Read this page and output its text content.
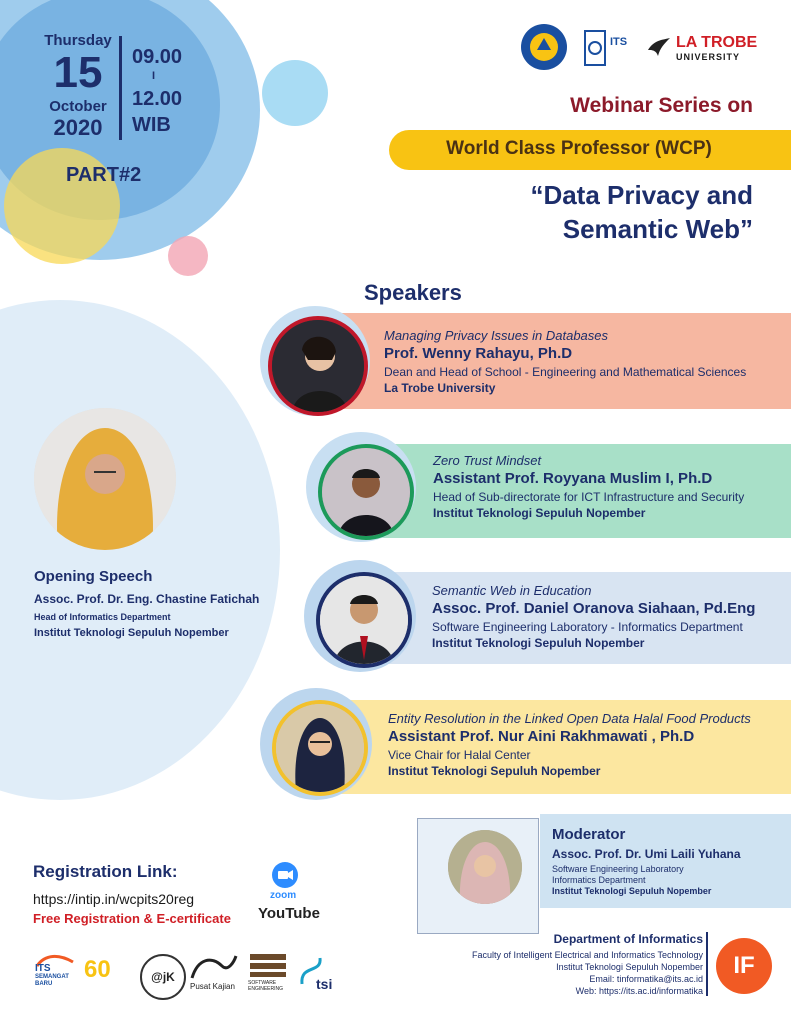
Thursday
15
October
2020
09.00
I
12.00
WIB
PART#2
ITS	LA TROBE
UNIVERSITY
Webinar Series on
World Class Professor (WCP)
“Data Privacy and
Semantic Web”
Speakers
Managing Privacy Issues in Databases
Prof. Wenny Rahayu, Ph.D
Dean and Head of School - Engineering and Mathematical Sciences
La Trobe University
Zero Trust Mindset
Assistant Prof. Royyana Muslim I, Ph.D
Head of Sub-directorate for ICT Infrastructure and Security
Institut Teknologi Sepuluh Nopember
Semantic Web in Education
Assoc. Prof. Daniel Oranova Siahaan, Pd.Eng
Software Engineering Laboratory - Informatics Department
Institut Teknologi Sepuluh Nopember
Entity Resolution in the Linked Open Data Halal Food Products
Assistant Prof. Nur Aini Rakhmawati , Ph.D
Vice Chair for Halal Center
Institut Teknologi Sepuluh Nopember
Opening Speech
Assoc. Prof. Dr. Eng. Chastine Fatichah
Head of Informatics Department
Institut Teknologi Sepuluh Nopember
Moderator
Assoc. Prof. Dr. Umi Laili Yuhana
Software Engineering Laboratory
Informatics Department
Institut Teknologi Sepuluh Nopember
Registration Link:
https://intip.in/wcpits20reg
Free Registration & E-certificate
zoom
YouTube
ITS
SEMANGAT
BARU
60	@jK
Pusat Kajian	SOFTWARE
ENGINEERING tsi
Department of Informatics
Faculty of Intelligent Electrical and Informatics Technology
Institut Teknologi Sepuluh Nopember
Email: tinformatika@its.ac.id
Web: https://its.ac.id/informatika
IF
